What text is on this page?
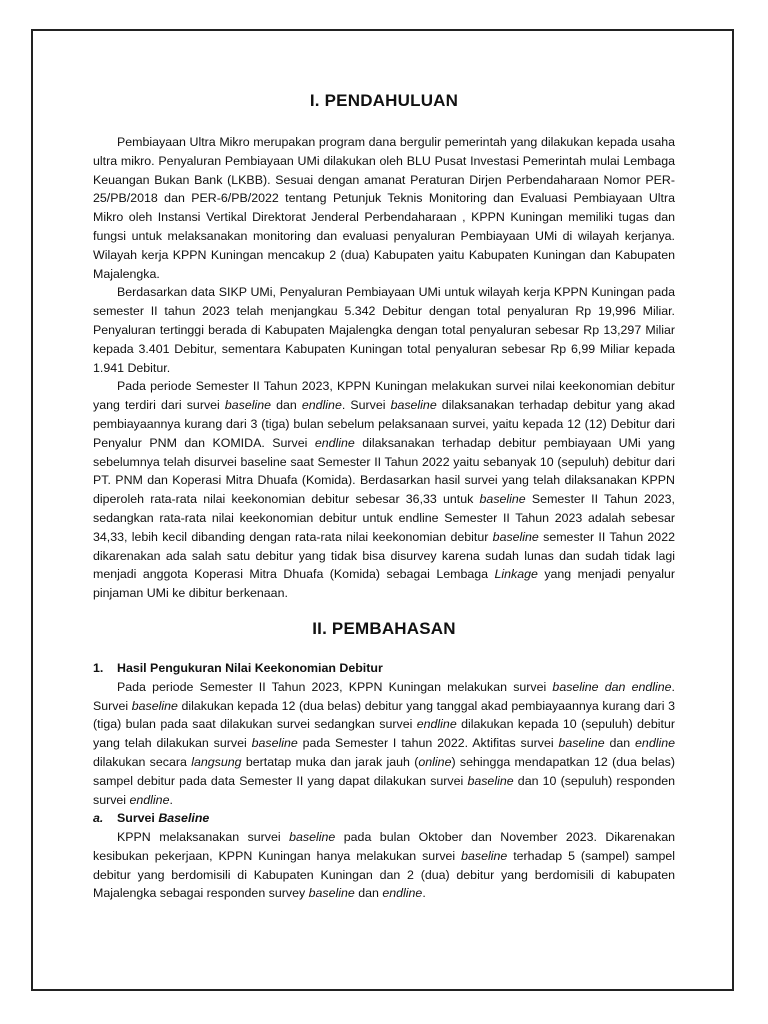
I. PENDAHULUAN

Pembiayaan Ultra Mikro merupakan program dana bergulir pemerintah yang dilakukan kepada usaha ultra mikro. Penyaluran Pembiayaan UMi dilakukan oleh BLU Pusat Investasi Pemerintah mulai Lembaga Keuangan Bukan Bank (LKBB). Sesuai dengan amanat Peraturan Dirjen Perbendaharaan Nomor PER-25/PB/2018 dan PER-6/PB/2022 tentang Petunjuk Teknis Monitoring dan Evaluasi Pembiayaan Ultra Mikro oleh Instansi Vertikal Direktorat Jenderal Perbendaharaan , KPPN Kuningan memiliki tugas dan fungsi untuk melaksanakan monitoring dan evaluasi penyaluran Pembiayaan UMi di wilayah kerjanya. Wilayah kerja KPPN Kuningan mencakup 2 (dua) Kabupaten yaitu Kabupaten Kuningan dan Kabupaten Majalengka.

Berdasarkan data SIKP UMi, Penyaluran Pembiayaan UMi untuk wilayah kerja KPPN Kuningan pada semester II tahun 2023 telah menjangkau 5.342 Debitur dengan total penyaluran Rp 19,996 Miliar. Penyaluran tertinggi berada di Kabupaten Majalengka dengan total penyaluran sebesar Rp 13,297 Miliar kepada 3.401 Debitur, sementara Kabupaten Kuningan total penyaluran sebesar Rp 6,99 Miliar kepada 1.941 Debitur.

Pada periode Semester II Tahun 2023, KPPN Kuningan melakukan survei nilai keekonomian debitur yang terdiri dari survei baseline dan endline. Survei baseline dilaksanakan terhadap debitur yang akad pembiayaannya kurang dari 3 (tiga) bulan sebelum pelaksanaan survei, yaitu kepada 12 (12) Debitur dari Penyalur PNM dan KOMIDA. Survei endline dilaksanakan terhadap debitur pembiayaan UMi yang sebelumnya telah disurvei baseline saat Semester II Tahun 2022 yaitu sebanyak 10 (sepuluh) debitur dari PT. PNM dan Koperasi Mitra Dhuafa (Komida). Berdasarkan hasil survei yang telah dilaksanakan KPPN diperoleh rata-rata nilai keekonomian debitur sebesar 36,33 untuk baseline Semester II Tahun 2023, sedangkan rata-rata nilai keekonomian debitur untuk endline Semester II Tahun 2023 adalah sebesar 34,33, lebih kecil dibanding dengan rata-rata nilai keekonomian debitur baseline semester II Tahun 2022 dikarenakan ada salah satu debitur yang tidak bisa disurvey karena sudah lunas dan sudah tidak lagi menjadi anggota Koperasi Mitra Dhuafa (Komida) sebagai Lembaga Linkage yang menjadi penyalur pinjaman UMi ke dibitur berkenaan.

II. PEMBAHASAN
1. Hasil Pengukuran Nilai Keekonomian Debitur

Pada periode Semester II Tahun 2023, KPPN Kuningan melakukan survei baseline dan endline. Survei baseline dilakukan kepada 12 (dua belas) debitur yang tanggal akad pembiayaannya kurang dari 3 (tiga) bulan pada saat dilakukan survei sedangkan survei endline dilakukan kepada 10 (sepuluh) debitur yang telah dilakukan survei baseline pada Semester I tahun 2022. Aktifitas survei baseline dan endline dilakukan secara langsung bertatap muka dan jarak jauh (online) sehingga mendapatkan 12 (dua belas) sampel debitur pada data Semester II yang dapat dilakukan survei baseline dan 10 (sepuluh) responden survei endline.

a. Survei Baseline

KPPN melaksanakan survei baseline pada bulan Oktober dan November 2023. Dikarenakan kesibukan pekerjaan, KPPN Kuningan hanya melakukan survei baseline terhadap 5 (sampel) sampel debitur yang berdomisili di Kabupaten Kuningan dan 2 (dua) debitur yang berdomisili di kabupaten Majalengka sebagai responden survey baseline dan endline.
